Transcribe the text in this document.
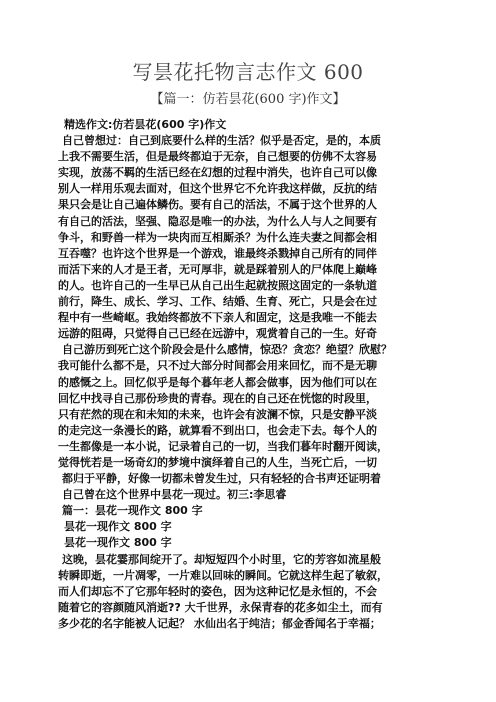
写昙花托物言志作文 600
【篇一：仿若昙花(600 字)作文】
精选作文:仿若昙花(600 字)作文
自己曾想过：自己到底要什么样的生活？似乎是否定，是的，本质
上我不需要生活，但是最终都迫于无奈，自己想要的仿佛不太容易
实现，放荡不羁的生活已经在幻想的过程中消失，也许自己可以像
别人一样用乐观去面对，但这个世界它不允许我这样做，反抗的结
果只会是让自己遍体鳞伤。要有自己的活法，不属于这个世界的人
有自己的活法，坚强、隐忍是唯一的办法，为什么人与人之间要有
争斗，和野兽一样为一块肉而互相厮杀？为什么连夫妻之间都会相
互吞噬？也许这个世界是一个游戏，谁最终杀戮掉自己所有的同伴
而活下来的人才是王者，无可厚非，就是踩着别人的尸体爬上巅峰
的人。也许自己的一生早已从自己出生起就按照这固定的一条轨道
前行，降生、成长、学习、工作、结婚、生育、死亡，只是会在过
程中有一些崎岖。我始终都放不下亲人和固定，这是我唯一不能去
远游的阻碍，只觉得自己已经在远游中，观赏着自己的一生。好奇
自己游历到死亡这个阶段会是什么感情，惊恐？贪恋？绝望？欣慰？
我可能什么都不是，只不过大部分时间都会用来回忆，而不是无聊
的感慨之上。回忆似乎是每个暮年老人都会做事，因为他们可以在
回忆中找寻自己那份珍贵的青春。现在的自己还在恍惚的时段里，
只有茫然的现在和未知的未来，也许会有波澜不惊，只是安静平淡
的走完这一条漫长的路，就算看不到出口，也会走下去。每个人的
一生都像是一本小说，记录着自己的一切，当我们暮年时翻开阅读，
觉得恍若是一场奇幻的梦境中演绎着自己的人生，当死亡后，一切
都归于平静，好像一切都未曾发生过，只有轻轻的合书声还证明着
自己曾在这个世界中昙花一现过。初三:李思睿
篇一：昙花一现作文 800 字
昙花一现作文 800 字
昙花一现作文 800 字
这晚，昙花霎那间绽开了。却短短四个小时里，它的芳容如流星般
转瞬即逝，一片凋零，一片难以回味的瞬间。它就这样生起了敏叙，
而人们却忘不了它那年轻时的姿色，因为这种记忆是永恒的，不会
随着它的容颜随风消逝?? 大千世界，永保青春的花多如尘土，而有
多少花的名字能被人记起？ 水仙出名于纯洁；郁金香闻名于幸福；
